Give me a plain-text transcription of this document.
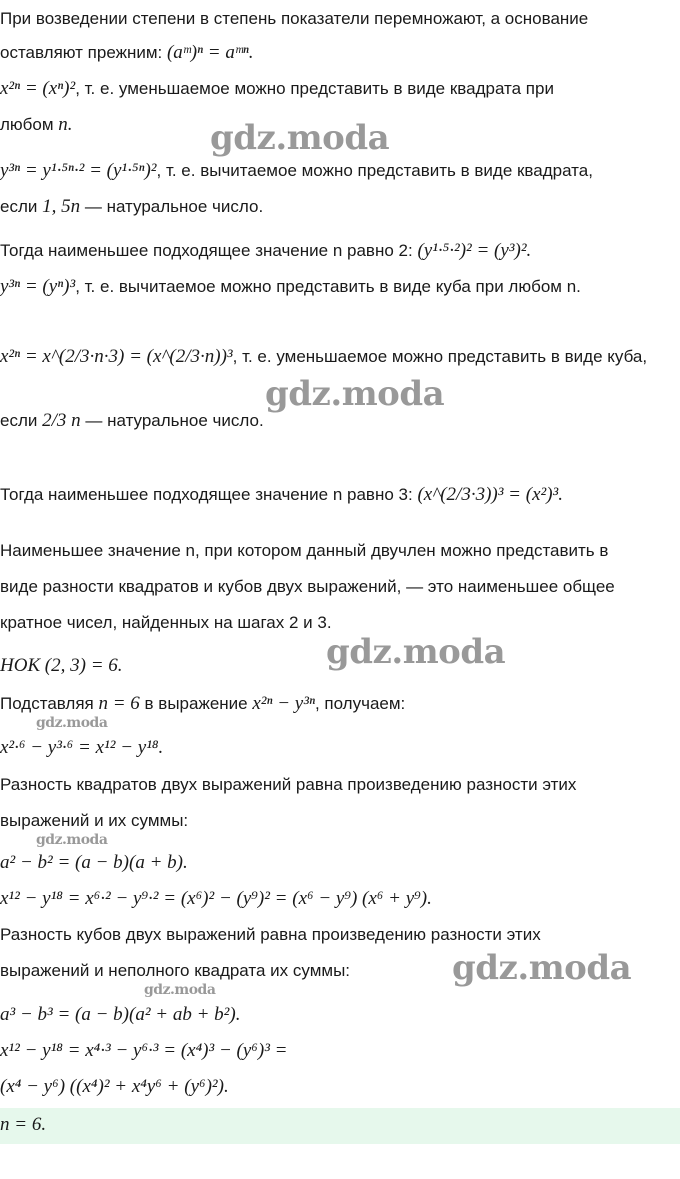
При возведении степени в степень показатели перемножают, а основание
оставляют прежним: (aᵐ)ⁿ = aᵐⁿ.
x²ⁿ = (xⁿ)², т. е. уменьшаемое можно представить в виде квадрата при
любом n.
y³ⁿ = y¹·⁵ⁿ·² = (y¹·⁵ⁿ)², т. е. вычитаемое можно представить в виде квадрата,
если 1, 5n — натуральное число.
Тогда наименьшее подходящее значение n равно 2: (y¹·⁵·²)² = (y³)².
y³ⁿ = (yⁿ)³, т. е. вычитаемое можно представить в виде куба при любом n.
x²ⁿ = x^(2/3·n·3) = (x^(2/3·n))³, т. е. уменьшаемое можно представить в виде куба,
если 2/3 n — натуральное число.
Тогда наименьшее подходящее значение n равно 3: (x^(2/3·3))³ = (x²)³.
Наименьшее значение n, при котором данный двучлен можно представить в
виде разности квадратов и кубов двух выражений, — это наименьшее общее
кратное чисел, найденных на шагах 2 и 3.
НОК (2, 3) = 6.
Подставляя n = 6 в выражение x²ⁿ − y³ⁿ, получаем:
x²·⁶ − y³·⁶ = x¹² − y¹⁸.
Разность квадратов двух выражений равна произведению разности этих
выражений и их суммы:
a² − b² = (a − b)(a + b).
x¹² − y¹⁸ = x⁶·² − y⁹·² = (x⁶)² − (y⁹)² = (x⁶ − y⁹) (x⁶ + y⁹).
Разность кубов двух выражений равна произведению разности этих
выражений и неполного квадрата их суммы:
a³ − b³ = (a − b)(a² + ab + b²).
x¹² − y¹⁸ = x⁴·³ − y⁶·³ = (x⁴)³ − (y⁶)³ =
(x⁴ − y⁶) ((x⁴)² + x⁴y⁶ + (y⁶)²).
n = 6.
gdz.moda
gdz.moda
gdz.moda
gdz.moda
gdz.moda
gdz.moda
gdz.moda
